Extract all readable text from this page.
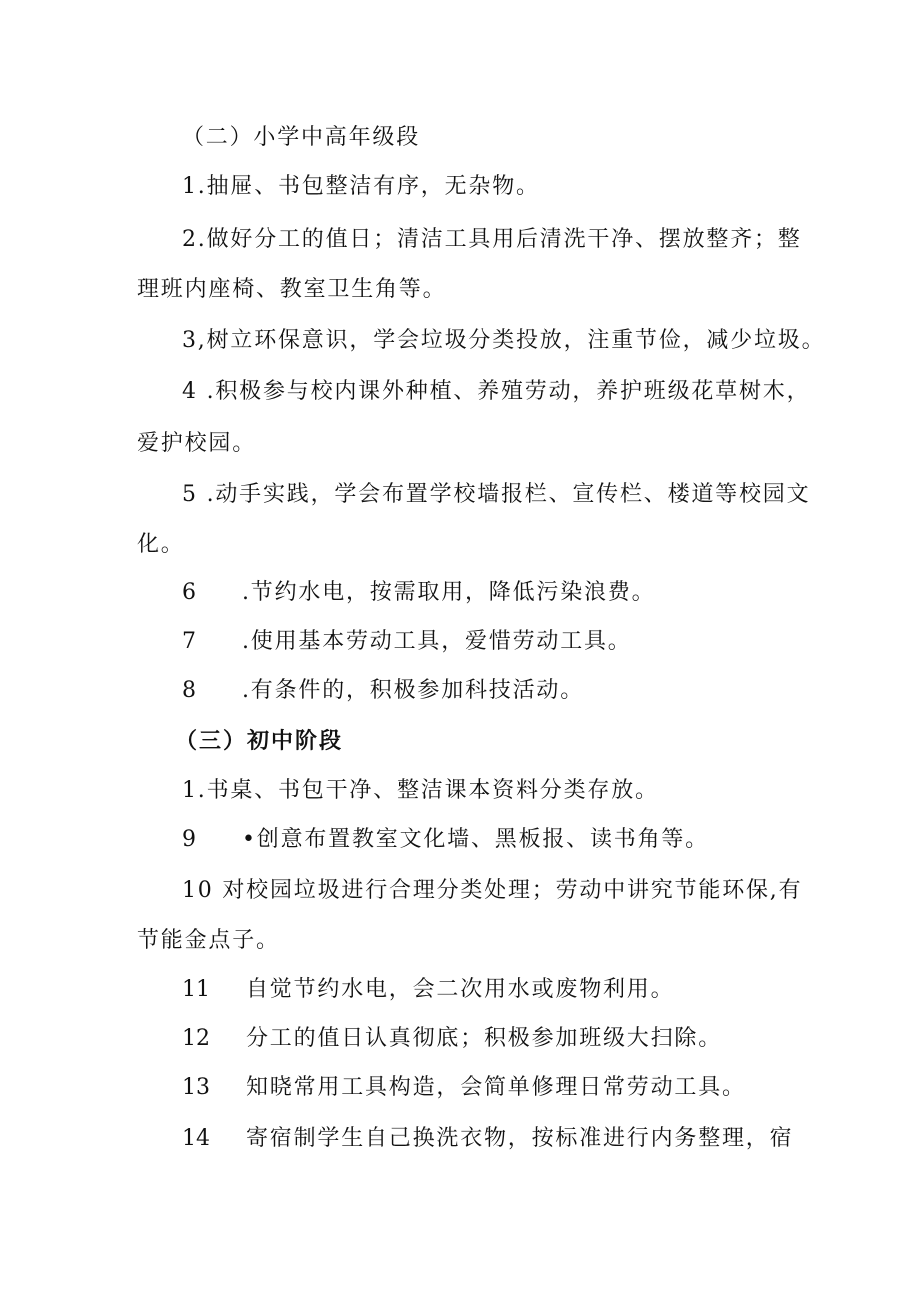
（二）小学中高年级段
1.抽屉、书包整洁有序，无杂物。
2.做好分工的值日；清洁工具用后清洗干净、摆放整齐；整
理班内座椅、教室卫生角等。
3,树立环保意识，学会垃圾分类投放，注重节俭，减少垃圾。
4 .积极参与校内课外种植、养殖劳动，养护班级花草树木，
爱护校园。
5 .动手实践，学会布置学校墙报栏、宣传栏、楼道等校园文
化。
6 .节约水电，按需取用，降低污染浪费。
7 .使用基本劳动工具，爱惜劳动工具。
8 .有条件的，积极参加科技活动。
（三）初中阶段
1.书桌、书包干净、整洁课本资料分类存放。
9 •创意布置教室文化墙、黑板报、读书角等。
10 对校园垃圾进行合理分类处理；劳动中讲究节能环保,有
节能金点子。
11 自觉节约水电，会二次用水或废物利用。
12 分工的值日认真彻底；积极参加班级大扫除。
13 知晓常用工具构造，会简单修理日常劳动工具。
14 寄宿制学生自己换洗衣物，按标准进行内务整理，宿
